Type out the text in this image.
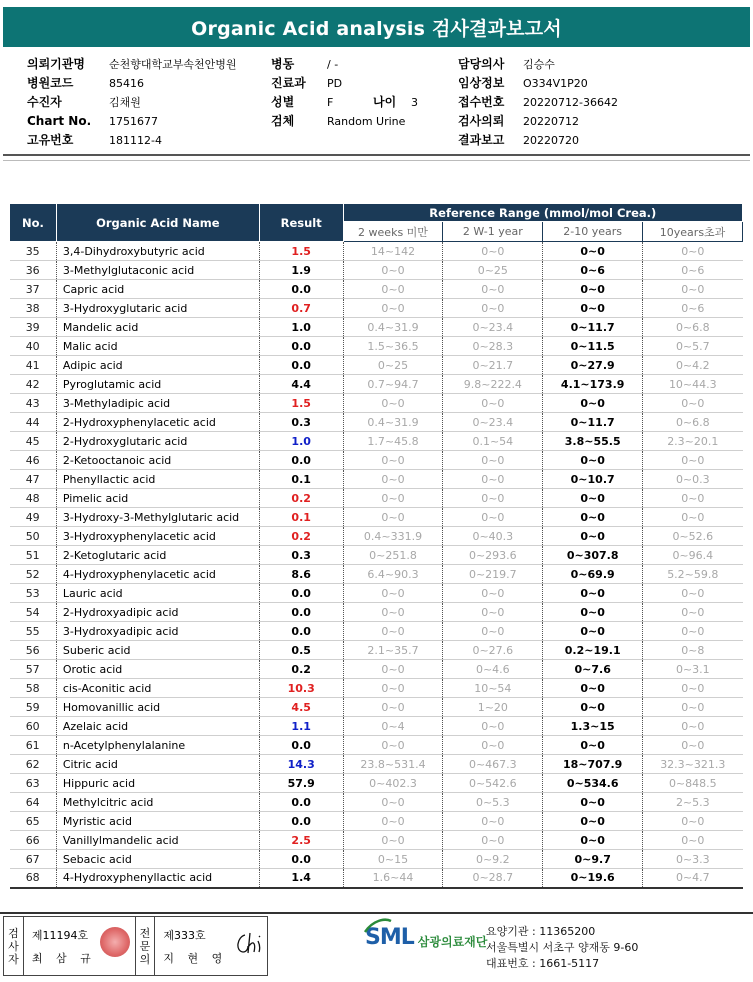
Organic Acid analysis 검사결과보고서
의뢰기관명	순천향대학교부속천안병원
병원코드	85416
수진자	김채원
Chart No.	1751677
고유번호	181112-4
병동	/ -
진료과	PD
성별	F	나이	3
검체	Random Urine
담당의사	김승수
임상정보	O334V1P20
접수번호	20220712-36642
검사의뢰	20220712
결과보고	20220720
No.	Organic Acid Name	Result	Reference Range (mmol/mol Crea.)			
			2 weeks 미만	2 W-1 year	2-10 years	10years초과
35	3,4-Dihydroxybutyric acid	1.5	14~142	0~0	0~0	0~0
36	3-Methylglutaconic acid	1.9	0~0	0~25	0~6	0~6
37	Capric acid	0.0	0~0	0~0	0~0	0~0
38	3-Hydroxyglutaric acid	0.7	0~0	0~0	0~0	0~6
39	Mandelic acid	1.0	0.4~31.9	0~23.4	0~11.7	0~6.8
40	Malic acid	0.0	1.5~36.5	0~28.3	0~11.5	0~5.7
41	Adipic acid	0.0	0~25	0~21.7	0~27.9	0~4.2
42	Pyroglutamic acid	4.4	0.7~94.7	9.8~222.4	4.1~173.9	10~44.3
43	3-Methyladipic acid	1.5	0~0	0~0	0~0	0~0
44	2-Hydroxyphenylacetic acid	0.3	0.4~31.9	0~23.4	0~11.7	0~6.8
45	2-Hydroxyglutaric acid	1.0	1.7~45.8	0.1~54	3.8~55.5	2.3~20.1
46	2-Ketooctanoic acid	0.0	0~0	0~0	0~0	0~0
47	Phenyllactic acid	0.1	0~0	0~0	0~10.7	0~0.3
48	Pimelic acid	0.2	0~0	0~0	0~0	0~0
49	3-Hydroxy-3-Methylglutaric acid	0.1	0~0	0~0	0~0	0~0
50	3-Hydroxyphenylacetic acid	0.2	0.4~331.9	0~40.3	0~0	0~52.6
51	2-Ketoglutaric acid	0.3	0~251.8	0~293.6	0~307.8	0~96.4
52	4-Hydroxyphenylacetic acid	8.6	6.4~90.3	0~219.7	0~69.9	5.2~59.8
53	Lauric acid	0.0	0~0	0~0	0~0	0~0
54	2-Hydroxyadipic acid	0.0	0~0	0~0	0~0	0~0
55	3-Hydroxyadipic acid	0.0	0~0	0~0	0~0	0~0
56	Suberic acid	0.5	2.1~35.7	0~27.6	0.2~19.1	0~8
57	Orotic acid	0.2	0~0	0~4.6	0~7.6	0~3.1
58	cis-Aconitic acid	10.3	0~0	10~54	0~0	0~0
59	Homovanillic acid	4.5	0~0	1~20	0~0	0~0
60	Azelaic acid	1.1	0~4	0~0	1.3~15	0~0
61	n-Acetylphenylalanine	0.0	0~0	0~0	0~0	0~0
62	Citric acid	14.3	23.8~531.4	0~467.3	18~707.9	32.3~321.3
63	Hippuric acid	57.9	0~402.3	0~542.6	0~534.6	0~848.5
64	Methylcitric acid	0.0	0~0	0~5.3	0~0	2~5.3
65	Myristic acid	0.0	0~0	0~0	0~0	0~0
66	Vanillylmandelic acid	2.5	0~0	0~0	0~0	0~0
67	Sebacic acid	0.0	0~15	0~9.2	0~9.7	0~3.3
68	4-Hydroxyphenyllactic acid	1.4	1.6~44	0~28.7	0~19.6	0~4.7
검
사
자
제11194호
최 삼 규
전
문
의
제333호
지 현 영
SML 삼광의료재단
요양기관 : 11365200
서울특별시 서초구 양재동 9-60
대표번호 : 1661-5117
